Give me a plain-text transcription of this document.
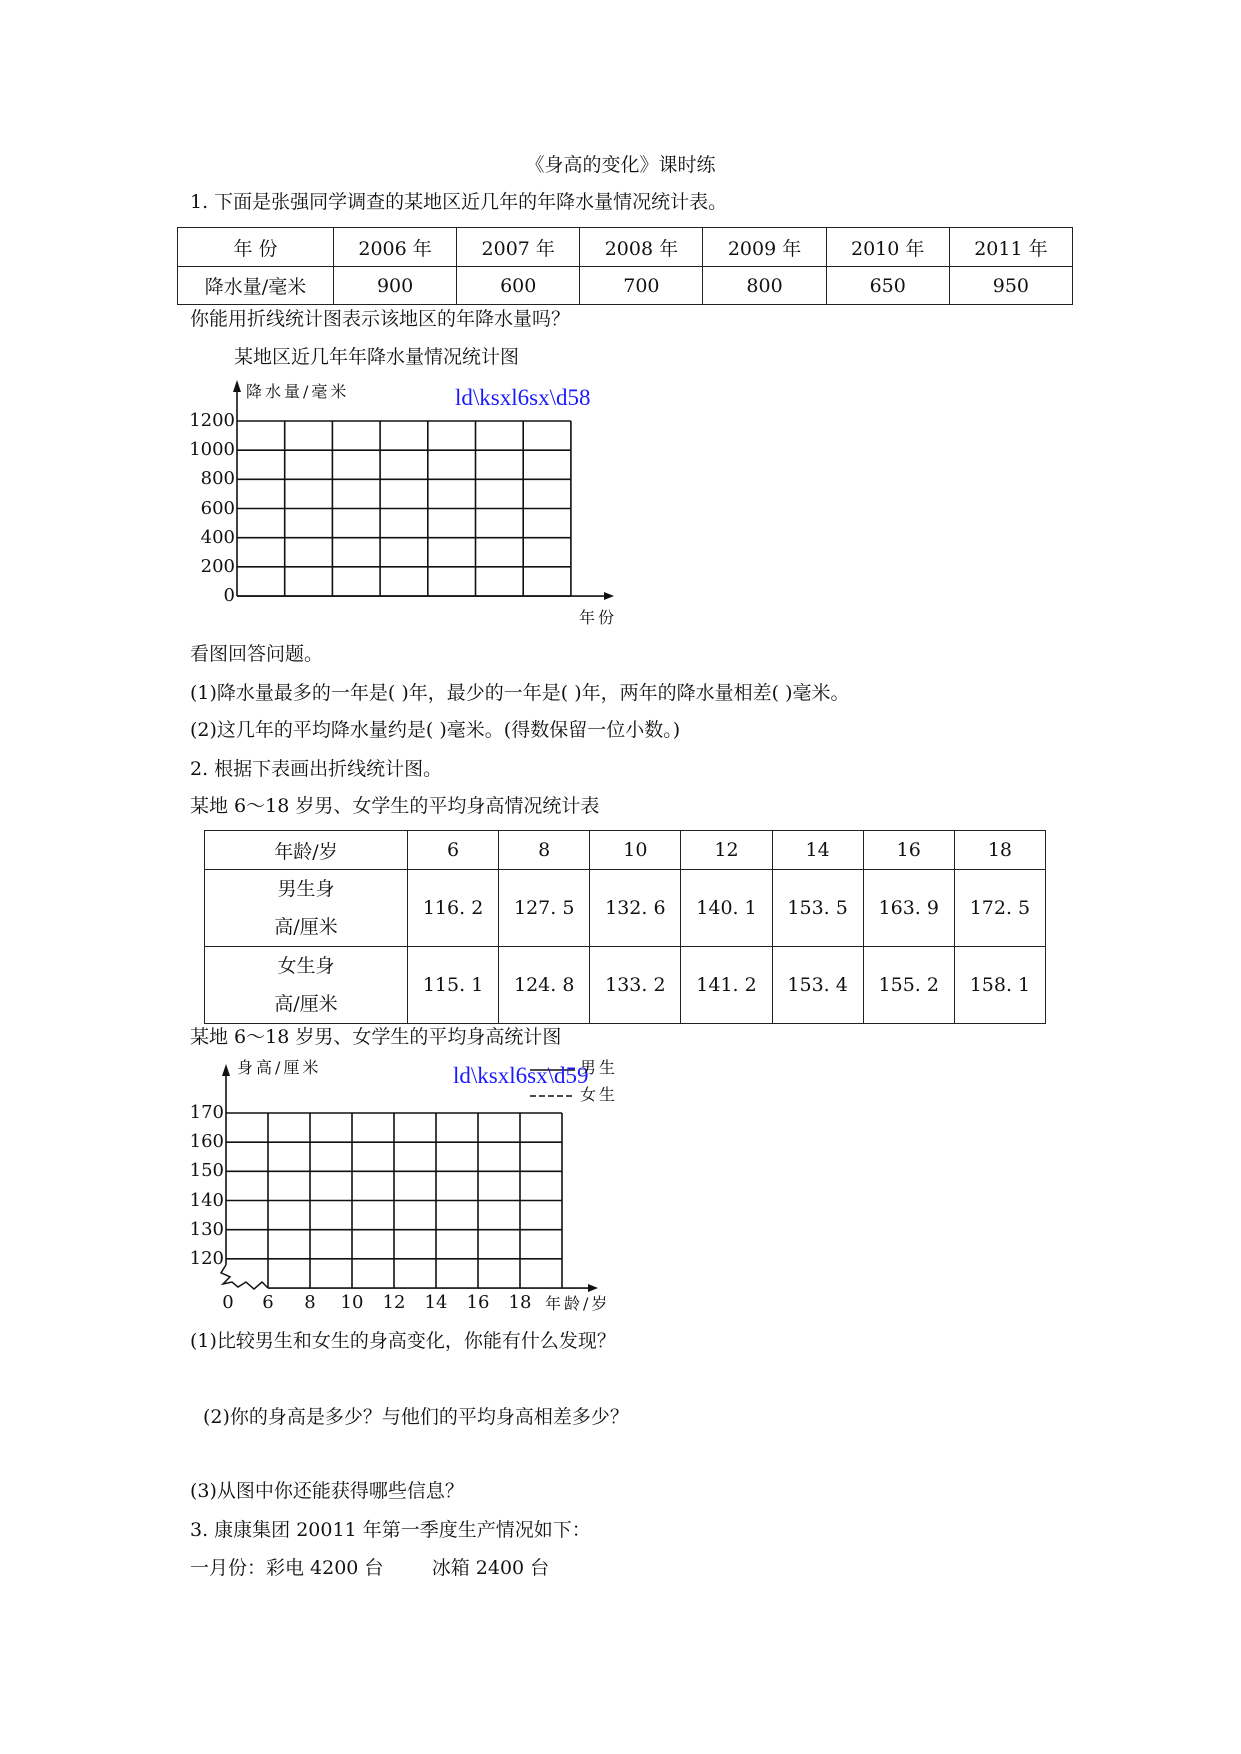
《身高的变化》课时练
1. 下面是张强同学调查的某地区近几年的年降水量情况统计表。
年 份	2006 年	2007 年	2008 年	2009 年	2010 年	2011 年
降水量/毫米	900	600	700	800	650	950
你能用折线统计图表示该地区的年降水量吗？
某地区近几年年降水量情况统计图
降水量/毫米	ld\ksxl6sx\d58
年份
1200
1000
800
600
400
200
0
看图回答问题。
(1)降水量最多的一年是( )年，最少的一年是( )年，两年的降水量相差( )毫米。
(2)这几年的平均降水量约是( )毫米。(得数保留一位小数。)
2. 根据下表画出折线统计图。
某地 6～18 岁男、女学生的平均身高情况统计表
年龄/岁	6	8	10	12	14	16	18
男生身
高/厘米	116. 2	127. 5	132. 6	140. 1	153. 5	163. 9	172. 5
女生身
高/厘米	115. 1	124. 8	133. 2	141. 2	153. 4	155. 2	158. 1
某地 6～18 岁男、女学生的平均身高统计图
身高/厘米	ld\ksxl6sx\d59
男生
女生
年龄/岁
170
160
150
140
130
120
0 6 8 10 12 14 16 18
(1)比较男生和女生的身高变化，你能有什么发现？
(2)你的身高是多少？与他们的平均身高相差多少？
(3)从图中你还能获得哪些信息？
3. 康康集团 20011 年第一季度生产情况如下：
一月份：彩电 4200 台        冰箱 2400 台
